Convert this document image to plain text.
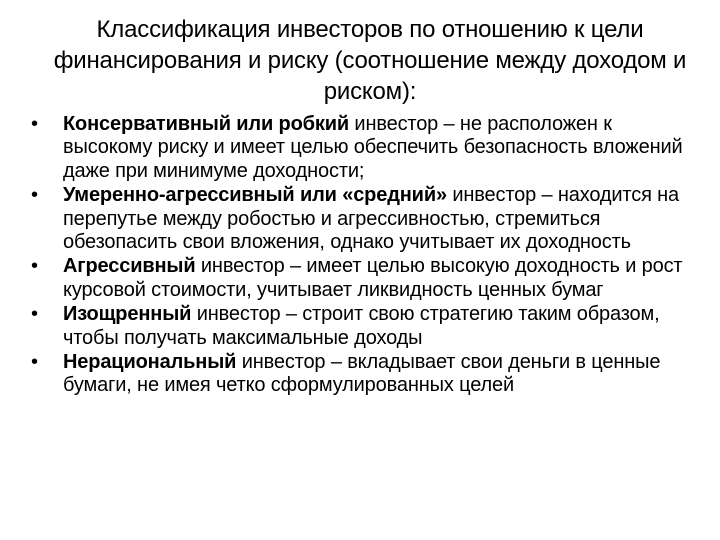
Классификация инвесторов по отношению к цели финансирования и риску (соотношение между доходом и риском):
•	Консервативный или робкий инвестор – не расположен к высокому риску и имеет целью обеспечить безопасность вложений даже при минимуме доходности;
•	Умеренно-агрессивный или «средний» инвестор – находится на перепутье между робостью и агрессивностью, стремиться обезопасить свои вложения, однако учитывает их доходность
•	Агрессивный инвестор – имеет целью высокую доходность и рост курсовой стоимости, учитывает ликвидность ценных бумаг
•	Изощренный инвестор – строит свою стратегию таким образом, чтобы получать максимальные доходы
•	Нерациональный инвестор – вкладывает свои деньги в ценные бумаги, не имея четко сформулированных целей
